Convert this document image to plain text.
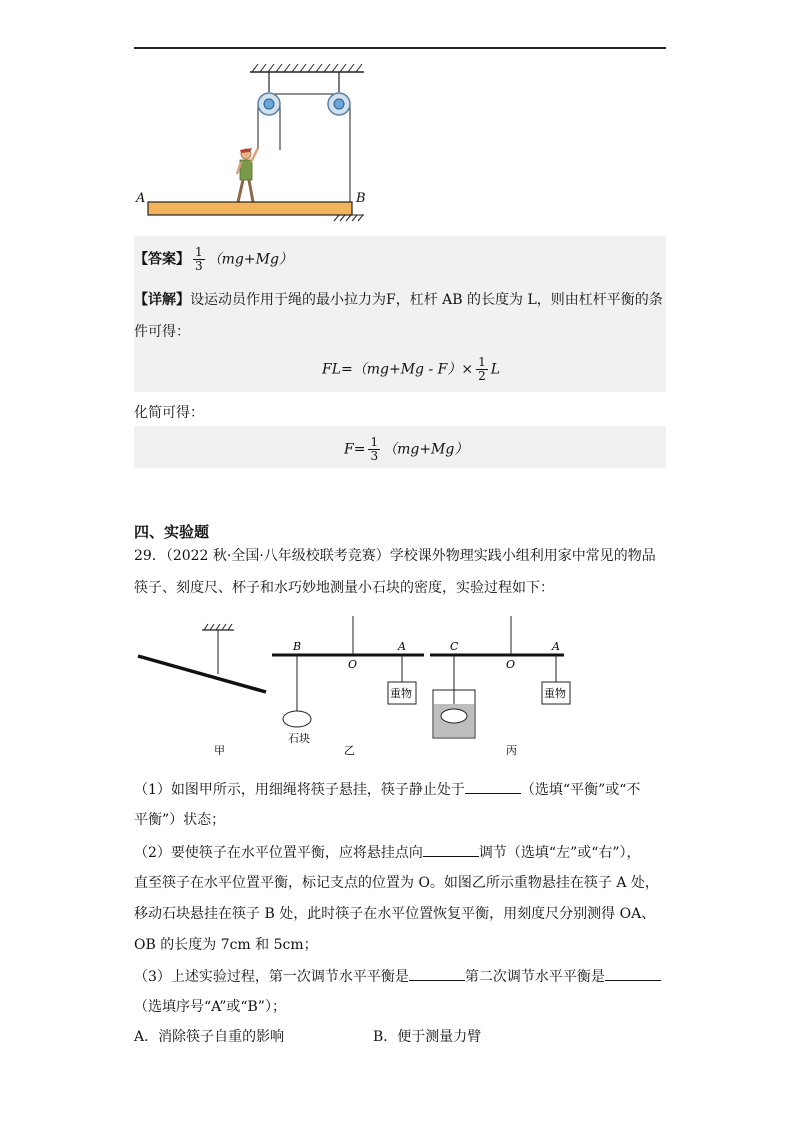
A	B
【答案】 $\frac{1}{3} (mg+Mg)$
【详解】设运动员作用于绳的最小拉力为F，杠杆 AB 的长度为 L，则由杠杆平衡的条
件可得：
$FL=(mg+Mg - F)\times \frac{1}{2}$ L
化简可得：
$F= \frac{1}{3} (mg+Mg)$
四、实验题
29．（2022 秋·全国·八年级校联考竞赛）学校课外物理实践小组利用家中常见的物品
筷子、刻度尺、杯子和水巧妙地测量小石块的密度，实验过程如下：
B
O
A
重物
石块
C
O
A
重物
甲	乙	丙
（1）如图甲所示，用细绳将筷子悬挂，筷子静止处于	（选填“平衡”或“不
平衡”）状态；
（2）要使筷子在水平位置平衡，应将悬挂点向	调节（选填“左”或“右”），
直至筷子在水平位置平衡，标记支点的位置为 O。如图乙所示重物悬挂在筷子 A 处，
移动石块悬挂在筷子 B 处，此时筷子在水平位置恢复平衡，用刻度尺分别测得 OA、
OB 的长度为 7cm 和 5cm；
（3）上述实验过程，第一次调节水平平衡是	第二次调节水平平衡是
（选填序号“A”或“B”）；
A．消除筷子自重的影响	B．便于测量力臂
